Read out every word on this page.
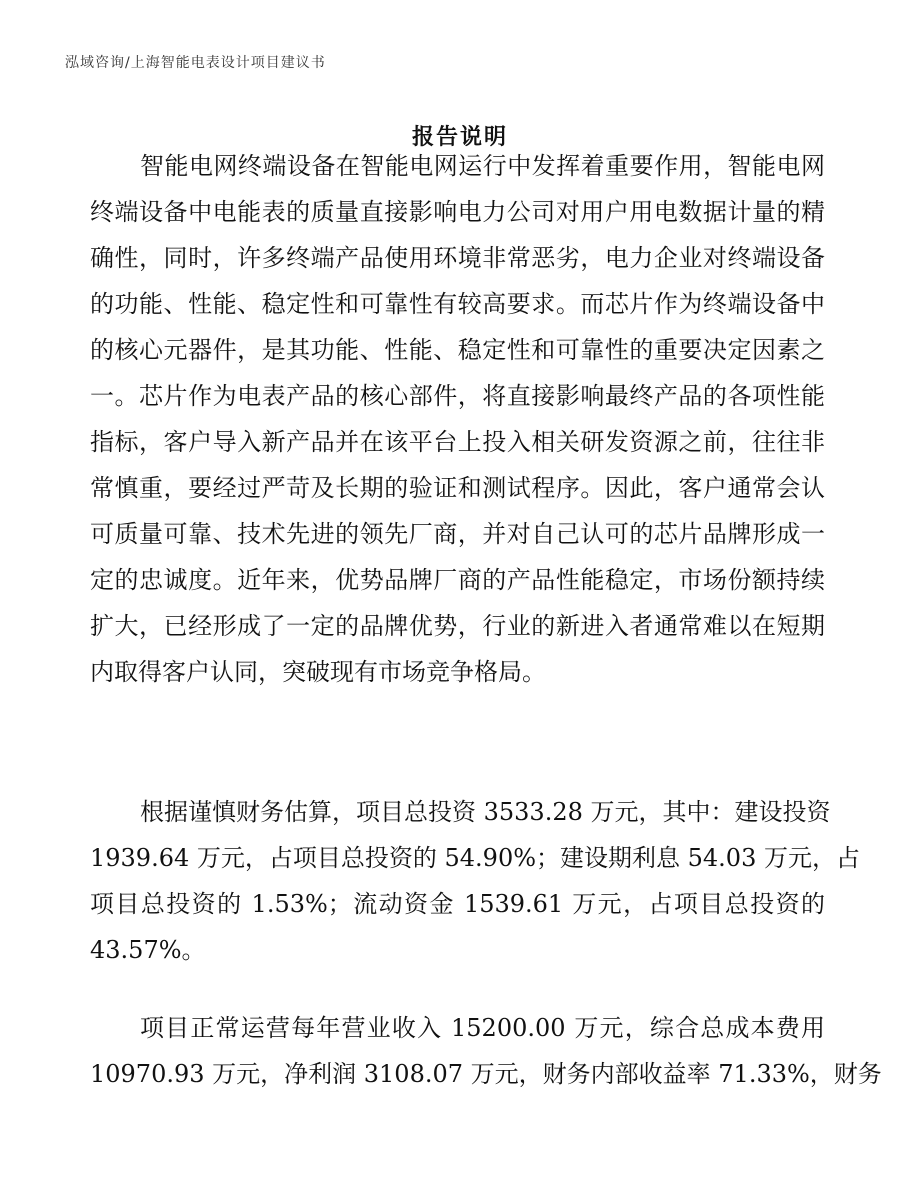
泓域咨询/上海智能电表设计项目建议书
报告说明
智能电网终端设备在智能电网运行中发挥着重要作用，智能电网
终端设备中电能表的质量直接影响电力公司对用户用电数据计量的精
确性，同时，许多终端产品使用环境非常恶劣，电力企业对终端设备
的功能、性能、稳定性和可靠性有较高要求。而芯片作为终端设备中
的核心元器件，是其功能、性能、稳定性和可靠性的重要决定因素之
一。芯片作为电表产品的核心部件，将直接影响最终产品的各项性能
指标，客户导入新产品并在该平台上投入相关研发资源之前，往往非
常慎重，要经过严苛及长期的验证和测试程序。因此，客户通常会认
可质量可靠、技术先进的领先厂商，并对自己认可的芯片品牌形成一
定的忠诚度。近年来，优势品牌厂商的产品性能稳定，市场份额持续
扩大，已经形成了一定的品牌优势，行业的新进入者通常难以在短期
内取得客户认同，突破现有市场竞争格局。
根据谨慎财务估算，项目总投资 3533.28 万元，其中：建设投资
1939.64 万元，占项目总投资的 54.90%；建设期利息 54.03 万元，占
项目总投资的 1.53%；流动资金 1539.61 万元，占项目总投资的
43.57%。
项目正常运营每年营业收入 15200.00 万元，综合总成本费用
10970.93 万元，净利润 3108.07 万元，财务内部收益率 71.33%，财务
